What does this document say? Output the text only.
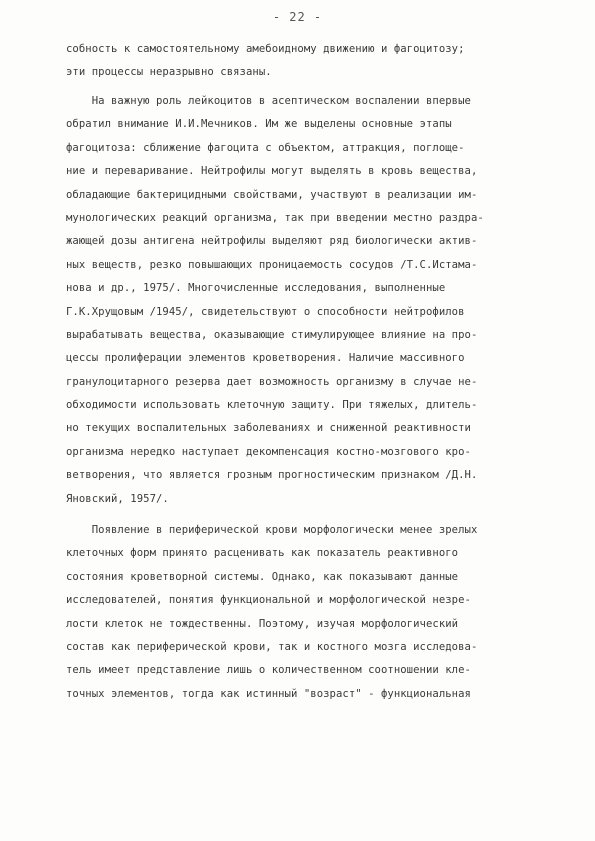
- 22 -
собность к самостоятельному амебоидному движению и фагоцитозу;
эти процессы неразрывно связаны.
На важную роль лейкоцитов в асептическом воспалении впервые
обратил внимание И.И.Мечников. Им же выделены основные этапы
фагоцитоза: сближение фагоцита с объектом, аттракция, поглоще-
ние и переваривание. Нейтрофилы могут выделять в кровь вещества,
обладающие бактерицидными свойствами, участвуют в реализации им-
мунологических реакций организма, так при введении местно раздра-
жающей дозы антигена нейтрофилы выделяют ряд биологически актив-
ных веществ, резко повышающих проницаемость сосудов /Т.С.Истама-
нова и др., 1975/. Многочисленные исследования, выполненные
Г.К.Хрущовым /1945/, свидетельствуют о способности нейтрофилов
вырабатывать вещества, оказывающие стимулирующее влияние на про-
цессы пролиферации элементов кроветворения. Наличие массивного
гранулоцитарного резерва дает возможность организму в случае не-
обходимости использовать клеточную защиту. При тяжелых, длитель-
но текущих воспалительных заболеваниях и сниженной реактивности
организма нередко наступает декомпенсация костно-мозгового кро-
ветворения, что является грозным прогностическим признаком /Д.Н.
Яновский, 1957/.
Появление в периферической крови морфологически менее зрелых
клеточных форм принято расценивать как показатель реактивного
состояния кроветворной системы. Однако, как показывают данные
исследователей, понятия функциональной и морфологической незре-
лости клеток не тождественны. Поэтому, изучая морфологический
состав как периферической крови, так и костного мозга исследова-
тель имеет представление лишь о количественном соотношении кле-
точных элементов, тогда как истинный "возраст" - функциональная
